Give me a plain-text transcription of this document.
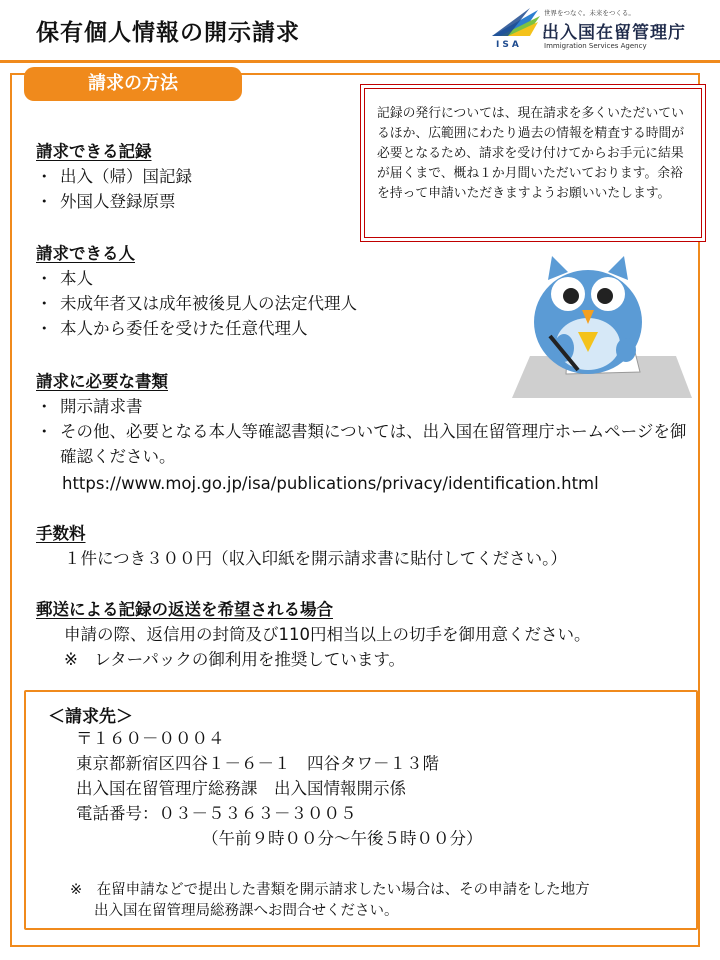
保有個人情報の開示請求	ISA
世界をつなぐ。未来をつくる。
出入国在留管理庁
Immigration Services Agency
請求の方法
記録の発行については、現在請求を多くいただいているほか、広範囲にわたり過去の情報を精査する時間が必要となるため、請求を受け付けてからお手元に結果が届くまで、概ね１か月間いただいております。余裕を持って申請いただきますようお願いいたします。
請求できる記録
・ 出入（帰）国記録
・ 外国人登録原票
請求できる人
・ 本人
・ 未成年者又は成年被後見人の法定代理人
・ 本人から委任を受けた任意代理人
請求に必要な書類
・ 開示請求書
・ その他、必要となる本人等確認書類については、出入国在留管理庁ホームページを御確認ください。
https://www.moj.go.jp/isa/publications/privacy/identification.html
手数料
１件につき３００円（収入印紙を開示請求書に貼付してください。）
郵送による記録の返送を希望される場合
申請の際、返信用の封筒及び110円相当以上の切手を御用意ください。
※　レターパックの御利用を推奨しています。
＜請求先＞
〒１６０－０００４
東京都新宿区四谷１－６－１　四谷タワ－１３階
出入国在留管理庁総務課　出入国情報開示係
電話番号：０３－５３６３－３００５
（午前９時００分～午後５時００分）
※　在留申請などで提出した書類を開示請求したい場合は、その申請をした地方
出入国在留管理局総務課へお問合せください。
